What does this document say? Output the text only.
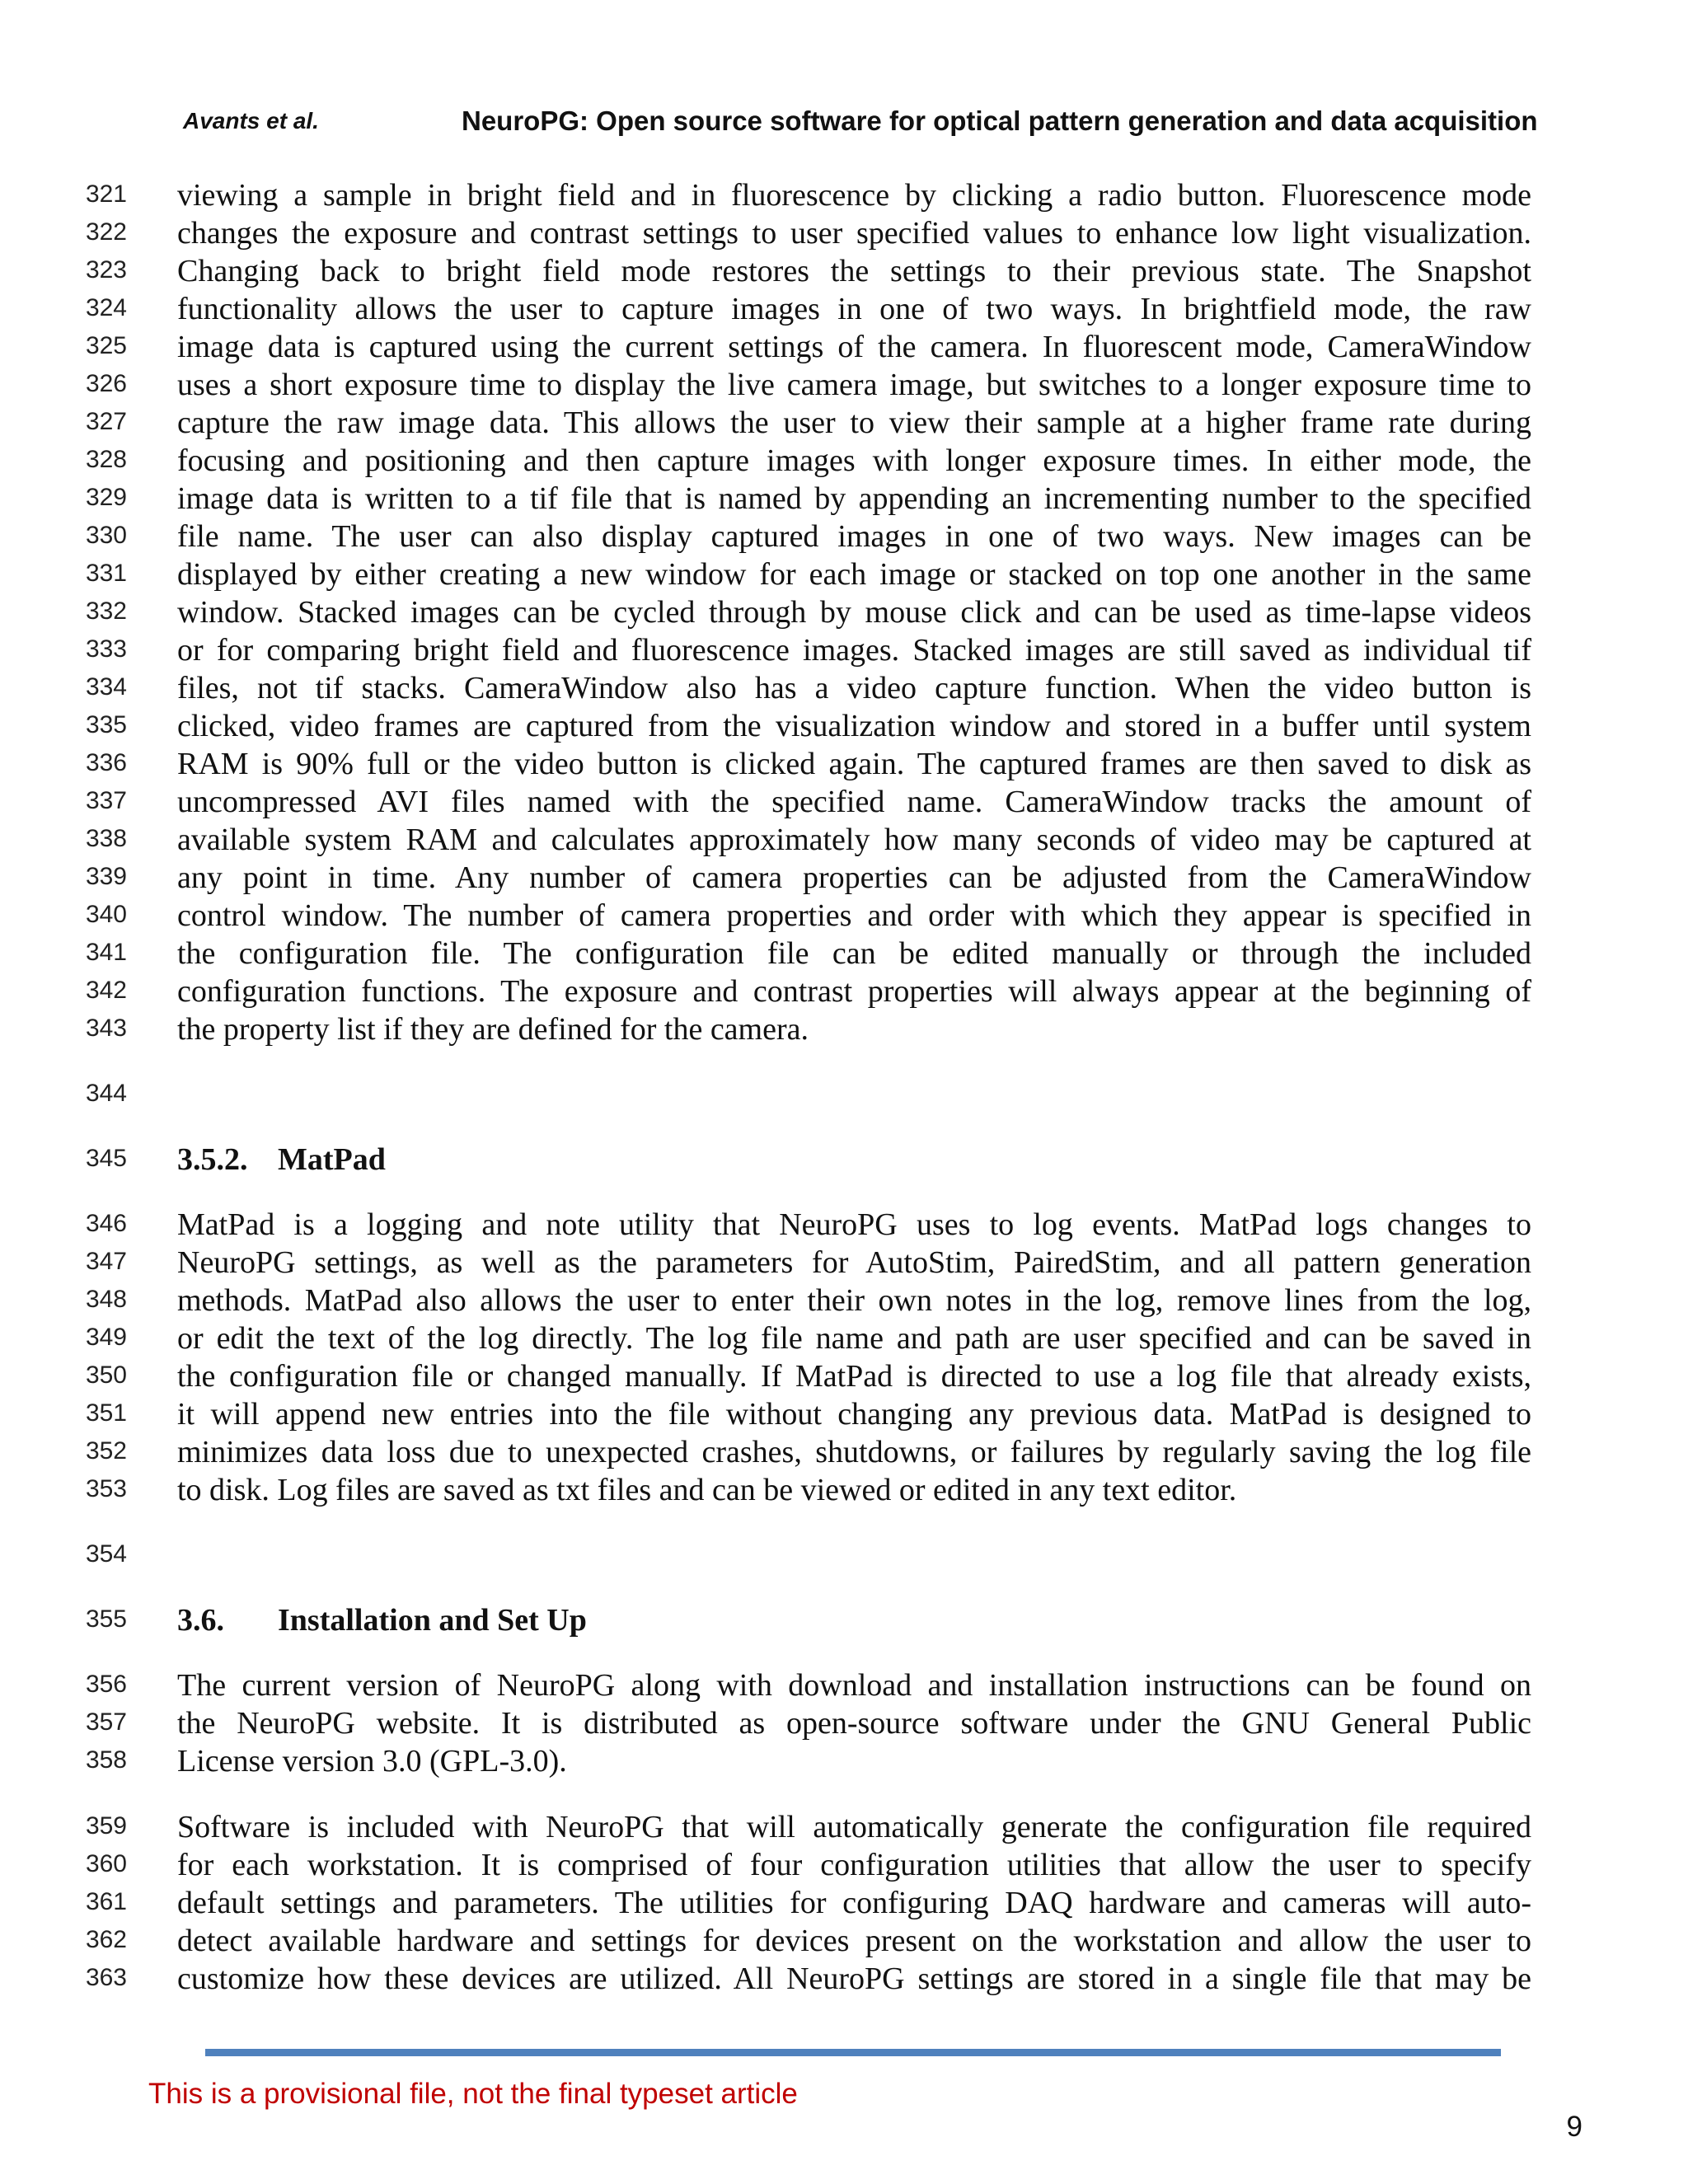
Avants et al.	NeuroPG: Open source software for optical pattern generation and data acquisition
321 viewing a sample in bright field and in fluorescence by clicking a radio button. Fluorescence mode
322 changes the exposure and contrast settings to user specified values to enhance low light visualization.
323 Changing back to bright field mode restores the settings to their previous state. The Snapshot
324 functionality allows the user to capture images in one of two ways. In brightfield mode, the raw
325 image data is captured using the current settings of the camera. In fluorescent mode, CameraWindow
326 uses a short exposure time to display the live camera image, but switches to a longer exposure time to
327 capture the raw image data. This allows the user to view their sample at a higher frame rate during
328 focusing and positioning and then capture images with longer exposure times. In either mode, the
329 image data is written to a tif file that is named by appending an incrementing number to the specified
330 file name. The user can also display captured images in one of two ways. New images can be
331 displayed by either creating a new window for each image or stacked on top one another in the same
332 window. Stacked images can be cycled through by mouse click and can be used as time-lapse videos
333 or for comparing bright field and fluorescence images. Stacked images are still saved as individual tif
334 files, not tif stacks. CameraWindow also has a video capture function. When the video button is
335 clicked, video frames are captured from the visualization window and stored in a buffer until system
336 RAM is 90% full or the video button is clicked again. The captured frames are then saved to disk as
337 uncompressed AVI files named with the specified name. CameraWindow tracks the amount of
338 available system RAM and calculates approximately how many seconds of video may be captured at
339 any point in time. Any number of camera properties can be adjusted from the CameraWindow
340 control window. The number of camera properties and order with which they appear is specified in
341 the configuration file. The configuration file can be edited manually or through the included
342 configuration functions. The exposure and contrast properties will always appear at the beginning of
343 the property list if they are defined for the camera.
344
345 3.5.2. MatPad
346 MatPad is a logging and note utility that NeuroPG uses to log events. MatPad logs changes to
347 NeuroPG settings, as well as the parameters for AutoStim, PairedStim, and all pattern generation
348 methods. MatPad also allows the user to enter their own notes in the log, remove lines from the log,
349 or edit the text of the log directly. The log file name and path are user specified and can be saved in
350 the configuration file or changed manually. If MatPad is directed to use a log file that already exists,
351 it will append new entries into the file without changing any previous data. MatPad is designed to
352 minimizes data loss due to unexpected crashes, shutdowns, or failures by regularly saving the log file
353 to disk. Log files are saved as txt files and can be viewed or edited in any text editor.
354
355 3.6. Installation and Set Up
356 The current version of NeuroPG along with download and installation instructions can be found on
357 the NeuroPG website. It is distributed as open-source software under the GNU General Public
358 License version 3.0 (GPL-3.0).
359 Software is included with NeuroPG that will automatically generate the configuration file required
360 for each workstation. It is comprised of four configuration utilities that allow the user to specify
361 default settings and parameters. The utilities for configuring DAQ hardware and cameras will auto-
362 detect available hardware and settings for devices present on the workstation and allow the user to
363 customize how these devices are utilized. All NeuroPG settings are stored in a single file that may be
This is a provisional file, not the final typeset article
9
